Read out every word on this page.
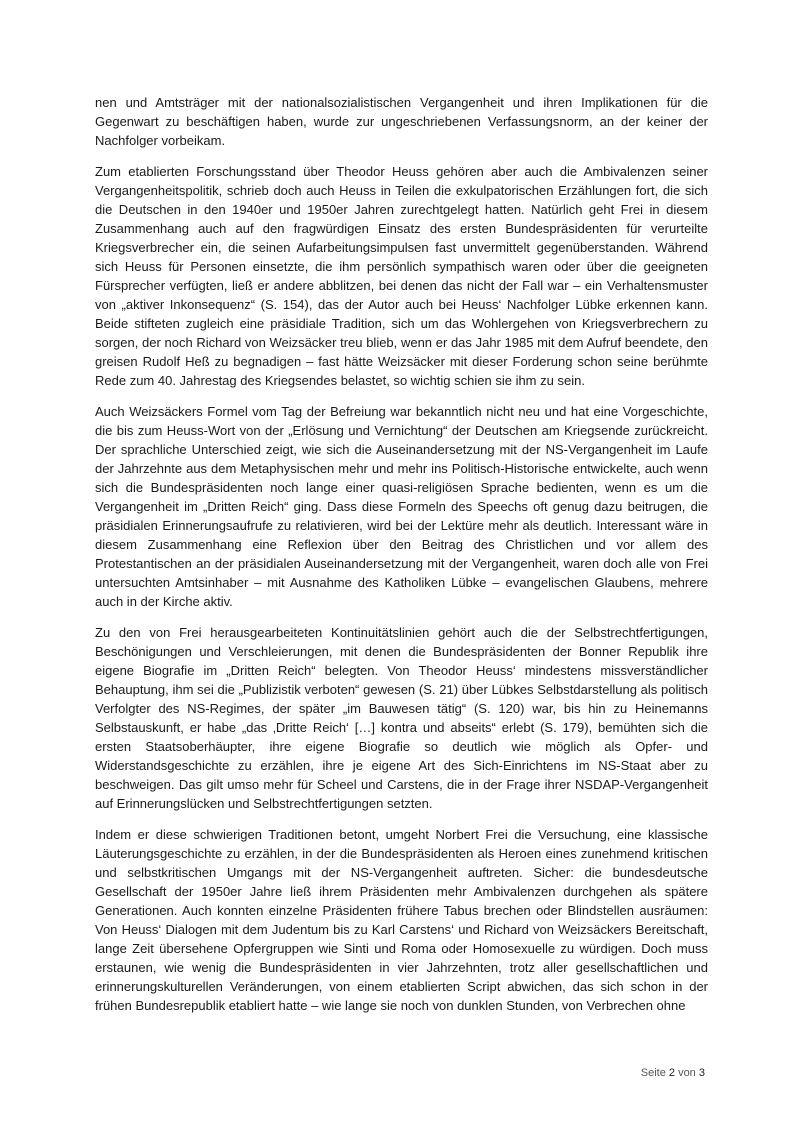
nen und Amtsträger mit der nationalsozialistischen Vergangenheit und ihren Implikationen für die Gegenwart zu beschäftigen haben, wurde zur ungeschriebenen Verfassungsnorm, an der keiner der Nachfolger vorbeikam.

Zum etablierten Forschungsstand über Theodor Heuss gehören aber auch die Ambivalenzen seiner Vergangenheitspolitik, schrieb doch auch Heuss in Teilen die exkulpatorischen Erzählungen fort, die sich die Deutschen in den 1940er und 1950er Jahren zurechtgelegt hatten. Natürlich geht Frei in diesem Zusammenhang auch auf den fragwürdigen Einsatz des ersten Bundespräsidenten für verurteilte Kriegsverbrecher ein, die seinen Aufarbeitungsimpulsen fast unvermittelt gegenüberstanden. Während sich Heuss für Personen einsetzte, die ihm persönlich sympathisch waren oder über die geeigneten Fürsprecher verfügten, ließ er andere abblitzen, bei denen das nicht der Fall war – ein Verhaltensmuster von „aktiver Inkonsequenz“ (S. 154), das der Autor auch bei Heuss‘ Nachfolger Lübke erkennen kann. Beide stifteten zugleich eine präsidiale Tradition, sich um das Wohlergehen von Kriegsverbrechern zu sorgen, der noch Richard von Weizsäcker treu blieb, wenn er das Jahr 1985 mit dem Aufruf beendete, den greisen Rudolf Heß zu begnadigen – fast hätte Weizsäcker mit dieser Forderung schon seine berühmte Rede zum 40. Jahrestag des Kriegsendes belastet, so wichtig schien sie ihm zu sein.

Auch Weizsäckers Formel vom Tag der Befreiung war bekanntlich nicht neu und hat eine Vorgeschichte, die bis zum Heuss-Wort von der „Erlösung und Vernichtung“ der Deutschen am Kriegsende zurückreicht. Der sprachliche Unterschied zeigt, wie sich die Auseinandersetzung mit der NS-Vergangenheit im Laufe der Jahrzehnte aus dem Metaphysischen mehr und mehr ins Politisch-Historische entwickelte, auch wenn sich die Bundespräsidenten noch lange einer quasi-religiösen Sprache bedienten, wenn es um die Vergangenheit im „Dritten Reich“ ging. Dass diese Formeln des Speechs oft genug dazu beitrugen, die präsidialen Erinnerungsaufrufe zu relativieren, wird bei der Lektüre mehr als deutlich. Interessant wäre in diesem Zusammenhang eine Reflexion über den Beitrag des Christlichen und vor allem des Protestantischen an der präsidialen Auseinandersetzung mit der Vergangenheit, waren doch alle von Frei untersuchten Amtsinhaber – mit Ausnahme des Katholiken Lübke – evangelischen Glaubens, mehrere auch in der Kirche aktiv.

Zu den von Frei herausgearbeiteten Kontinuitätslinien gehört auch die der Selbstrechtfertigungen, Beschönigungen und Verschleierungen, mit denen die Bundespräsidenten der Bonner Republik ihre eigene Biografie im „Dritten Reich“ belegten. Von Theodor Heuss‘ mindestens missverständlicher Behauptung, ihm sei die „Publizistik verboten“ gewesen (S. 21) über Lübkes Selbstdarstellung als politisch Verfolgter des NS-Regimes, der später „im Bauwesen tätig“ (S. 120) war, bis hin zu Heinemanns Selbstauskunft, er habe „das ‚Dritte Reich‘ […] kontra und abseits“ erlebt (S. 179), bemühten sich die ersten Staatsoberhäupter, ihre eigene Biografie so deutlich wie möglich als Opfer- und Widerstandsgeschichte zu erzählen, ihre je eigene Art des Sich-Einrichtens im NS-Staat aber zu beschweigen. Das gilt umso mehr für Scheel und Carstens, die in der Frage ihrer NSDAP-Vergangenheit auf Erinnerungslücken und Selbstrechtfertigungen setzten.

Indem er diese schwierigen Traditionen betont, umgeht Norbert Frei die Versuchung, eine klassische Läuterungsgeschichte zu erzählen, in der die Bundespräsidenten als Heroen eines zunehmend kritischen und selbstkritischen Umgangs mit der NS-Vergangenheit auftreten. Sicher: die bundesdeutsche Gesellschaft der 1950er Jahre ließ ihrem Präsidenten mehr Ambivalenzen durchgehen als spätere Generationen. Auch konnten einzelne Präsidenten frühere Tabus brechen oder Blindstellen ausräumen: Von Heuss‘ Dialogen mit dem Judentum bis zu Karl Carstens‘ und Richard von Weizsäckers Bereitschaft, lange Zeit übersehene Opfergruppen wie Sinti und Roma oder Homosexuelle zu würdigen. Doch muss erstaunen, wie wenig die Bundespräsidenten in vier Jahrzehnten, trotz aller gesellschaftlichen und erinnerungskulturellen Veränderungen, von einem etablierten Script abwichen, das sich schon in der frühen Bundesrepublik etabliert hatte – wie lange sie noch von dunklen Stunden, von Verbrechen ohne

Seite 2 von 3
